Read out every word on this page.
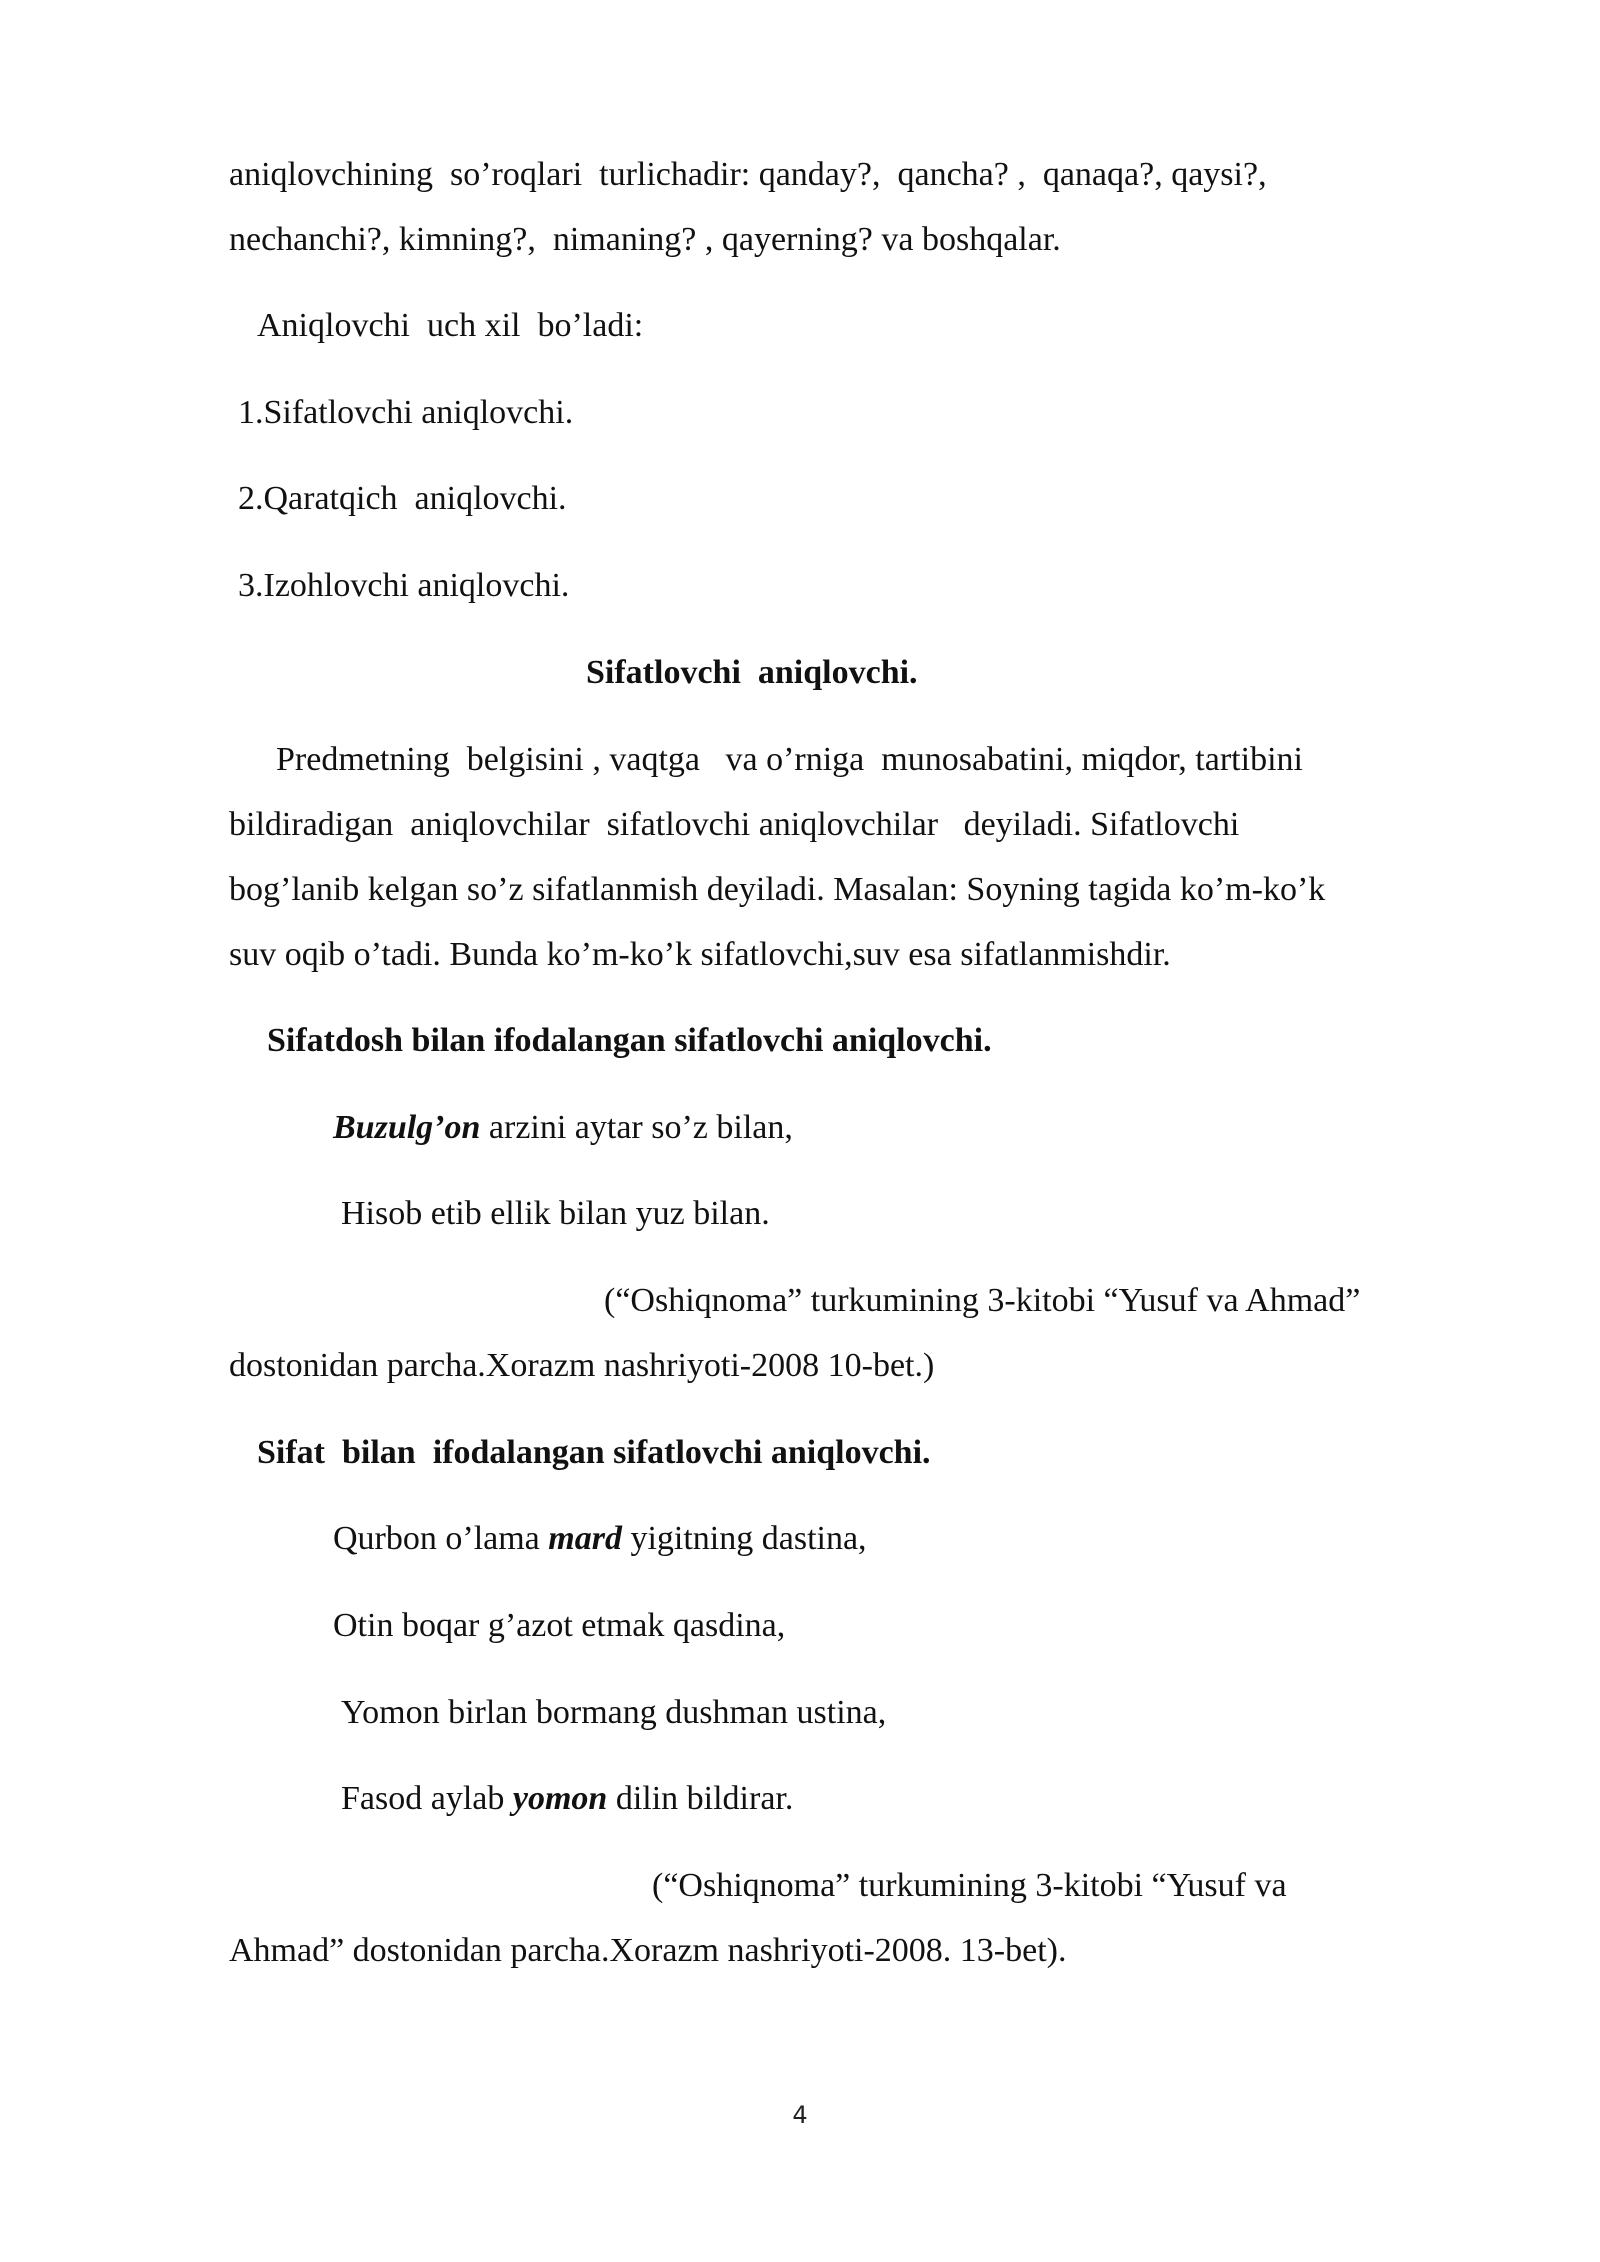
aniqlovchining  so’roqlari  turlichadir: qanday?,  qancha? ,  qanaqa?, qaysi?,
nechanchi?, kimning?,  nimaning? , qayerning? va boshqalar.
Aniqlovchi  uch xil  bo’ladi:
1.Sifatlovchi aniqlovchi.
2.Qaratqich  aniqlovchi.
3.Izohlovchi aniqlovchi.
Sifatlovchi  aniqlovchi.
Predmetning  belgisini , vaqtga   va o’rniga  munosabatini, miqdor, tartibini
bildiradigan  aniqlovchilar  sifatlovchi aniqlovchilar   deyiladi. Sifatlovchi
bog’lanib kelgan so’z sifatlanmish deyiladi. Masalan: Soyning tagida ko’m-ko’k
suv oqib o’tadi. Bunda ko’m-ko’k sifatlovchi,suv esa sifatlanmishdir.
Sifatdosh bilan ifodalangan sifatlovchi aniqlovchi.
Buzulg’on arzini aytar so’z bilan,
Hisob etib ellik bilan yuz bilan.
(“Oshiqnoma” turkumining 3-kitobi “Yusuf va Ahmad”
dostonidan parcha.Xorazm nashriyoti-2008 10-bet.)
Sifat  bilan  ifodalangan sifatlovchi aniqlovchi.
Qurbon o’lama mard yigitning dastina,
Otin boqar g’azot etmak qasdina,
Yomon birlan bormang dushman ustina,
Fasod aylab yomon dilin bildirar.
(“Oshiqnoma” turkumining 3-kitobi “Yusuf va
Ahmad” dostonidan parcha.Xorazm nashriyoti-2008. 13-bet).
4
